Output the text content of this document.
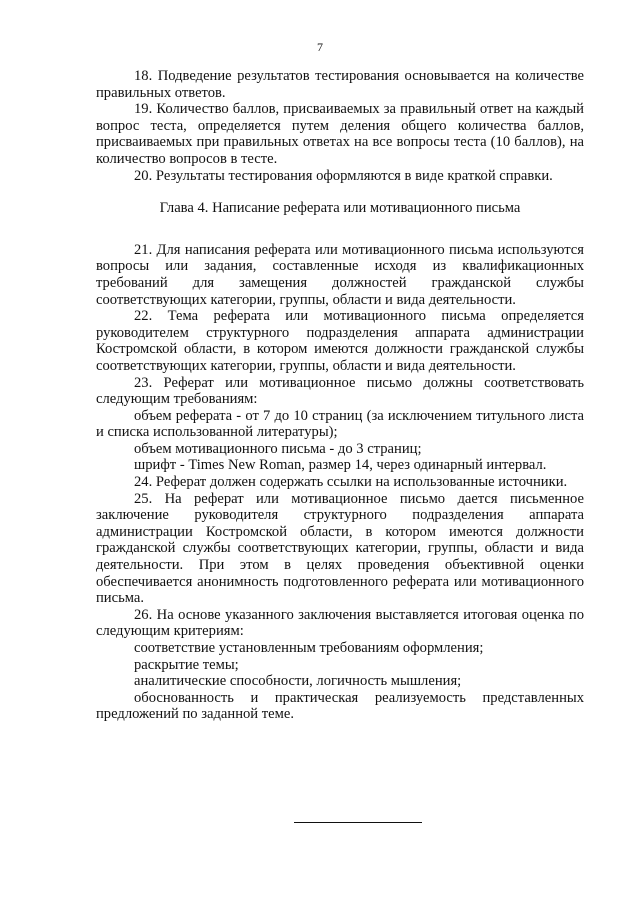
7

18. Подведение результатов тестирования основывается на количестве правильных ответов.

19. Количество баллов, присваиваемых за правильный ответ на каждый вопрос теста, определяется путем деления общего количества баллов, присваиваемых при правильных ответах на все вопросы теста (10 баллов), на количество вопросов в тесте.

20. Результаты тестирования оформляются в виде краткой справки.

Глава 4. Написание реферата или мотивационного письма

21. Для написания реферата или мотивационного письма используются вопросы или задания, составленные исходя из квалификационных требований для замещения должностей гражданской службы соответствующих категории, группы, области и вида деятельности.

22. Тема реферата или мотивационного письма определяется руководителем структурного подразделения аппарата администрации Костромской области, в котором имеются должности гражданской службы соответствующих категории, группы, области и вида деятельности.

23. Реферат или мотивационное письмо должны соответствовать следующим требованиям:

объем реферата - от 7 до 10 страниц (за исключением титульного листа и списка использованной литературы);

объем мотивационного письма - до 3 страниц;

шрифт - Times New Roman, размер 14, через одинарный интервал.

24. Реферат должен содержать ссылки на использованные источники.

25. На реферат или мотивационное письмо дается письменное заключение руководителя структурного подразделения аппарата администрации Костромской области, в котором имеются должности гражданской службы соответствующих категории, группы, области и вида деятельности. При этом в целях проведения объективной оценки обеспечивается анонимность подготовленного реферата или мотивационного письма.

26. На основе указанного заключения выставляется итоговая оценка по следующим критериям:

соответствие установленным требованиям оформления;

раскрытие темы;

аналитические способности, логичность мышления;

обоснованность и практическая реализуемость представленных предложений по заданной теме.
